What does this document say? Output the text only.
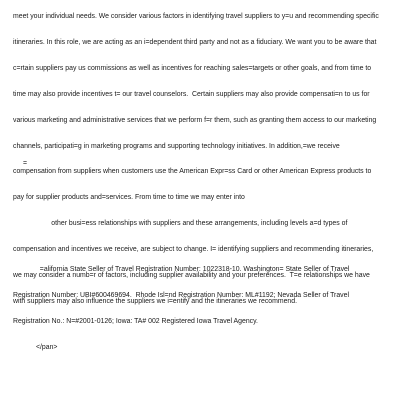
meet your individual needs. We consider various factors in identifying travel suppliers to y=u and recommending specific

itineraries. In this role, we are acting as an i=dependent third party and not as a fiduciary. We want you to be aware that

c=rtain suppliers pay us commissions as well as incentives for reaching sales=targets or other goals, and from time to

time may also provide incentives t= our travel counselors.  Certain suppliers may also provide compensati=n to us for

various marketing and administrative services that we perform f=r them, such as granting them access to our marketing

channels, participati=g in marketing programs and supporting technology initiatives. In addition,=we receive

compensation from suppliers when customers use the American Expr=ss Card or other American Express products to

pay for supplier products and=services. From time to time we may enter into

other busi=ess relationships with suppliers and these arrangements, including levels a=d types of

compensation and incentives we receive, are subject to change. I= identifying suppliers and recommending itineraries,

we may consider a numb=r of factors, including supplier availability and your preferences.  T=e relationships we have

with suppliers may also influence the suppliers we i=entify and the itineraries we recommend.

=alifornia State Seller of Travel Registration Number: 1022318-10. Washington= State Seller of Travel

Registration Number: UBI#600469694.  Rhode Isl=nd Registration Number: ML#1192; Nevada Seller of Travel

Registration No.: N=#2001-0126; Iowa: TA# 002 Registered Iowa Travel Agency.

</pan>

=
